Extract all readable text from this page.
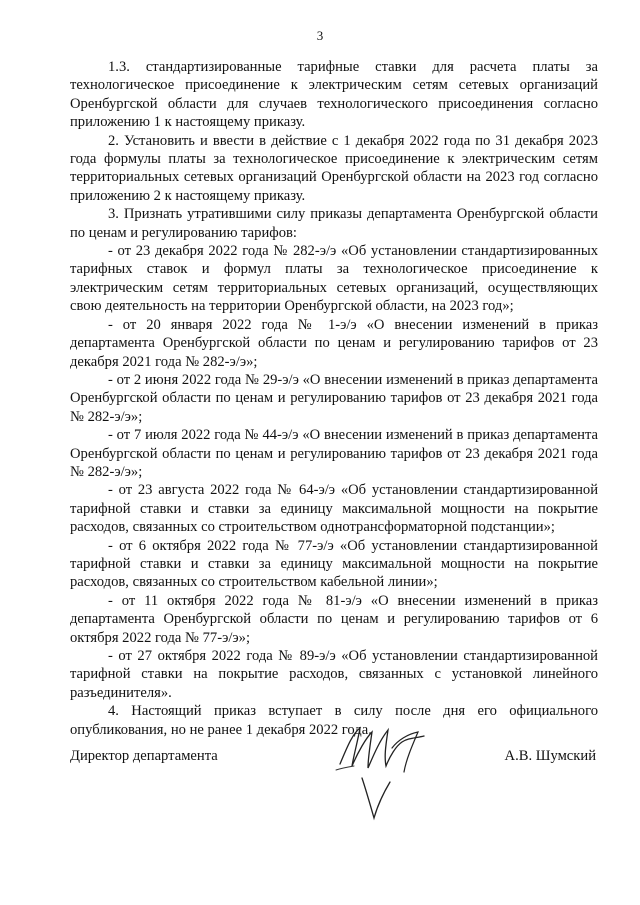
3

1.3. стандартизированные тарифные ставки для расчета платы за технологическое присоединение к электрическим сетям сетевых организаций Оренбургской области для случаев технологического присоединения согласно приложению 1 к настоящему приказу.

2. Установить и ввести в действие с 1 декабря 2022 года по 31 декабря 2023 года формулы платы за технологическое присоединение к электрическим сетям территориальных сетевых организаций Оренбургской области на 2023 год согласно приложению 2 к настоящему приказу.

3. Признать утратившими силу приказы департамента Оренбургской области по ценам и регулированию тарифов:

- от 23 декабря 2022 года № 282-э/э «Об установлении стандартизированных тарифных ставок и формул платы за технологическое присоединение к электрическим сетям территориальных сетевых организаций, осуществляющих свою деятельность на территории Оренбургской области, на 2023 год»;

- от 20 января 2022 года № 1-э/э «О внесении изменений в приказ департамента Оренбургской области по ценам и регулированию тарифов от 23 декабря 2021 года № 282-э/э»;

- от 2 июня 2022 года № 29-э/э «О внесении изменений в приказ департамента Оренбургской области по ценам и регулированию тарифов от 23 декабря 2021 года № 282-э/э»;

- от 7 июля 2022 года № 44-э/э «О внесении изменений в приказ департамента Оренбургской области по ценам и регулированию тарифов от 23 декабря 2021 года № 282-э/э»;

- от 23 августа 2022 года № 64-э/э «Об установлении стандартизированной тарифной ставки и ставки за единицу максимальной мощности на покрытие расходов, связанных со строительством однотрансформаторной подстанции»;

- от 6 октября 2022 года № 77-э/э «Об установлении стандартизированной тарифной ставки и ставки за единицу максимальной мощности на покрытие расходов, связанных со строительством кабельной линии»;

- от 11 октября 2022 года № 81-э/э «О внесении изменений в приказ департамента Оренбургской области по ценам и регулированию тарифов от 6 октября 2022 года № 77-э/э»;

- от 27 октября 2022 года № 89-э/э «Об установлении стандартизированной тарифной ставки на покрытие расходов, связанных с установкой линейного разъединителя».

4. Настоящий приказ вступает в силу после дня его официального опубликования, но не ранее 1 декабря 2022 года.

Директор департамента	А.В. Шумский
